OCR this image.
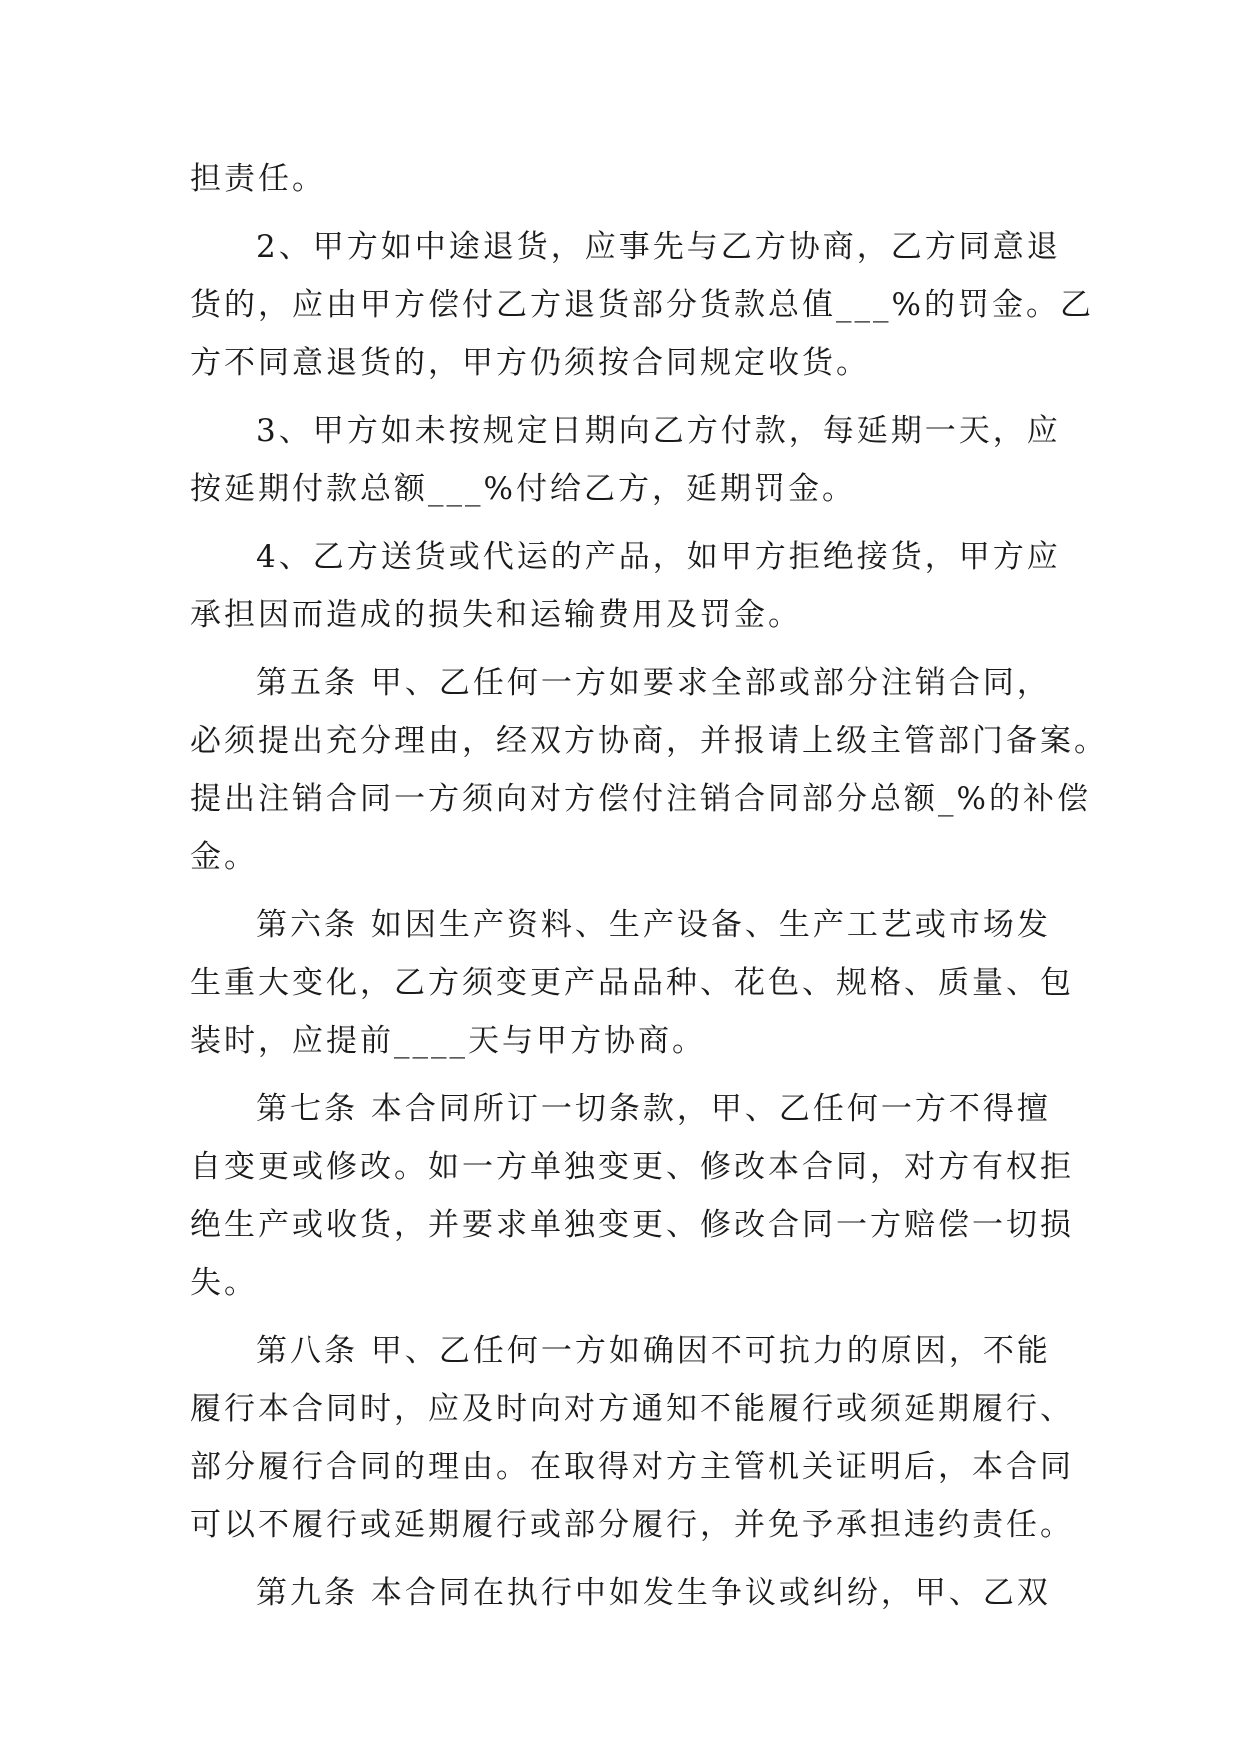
担责任。
2、甲方如中途退货，应事先与乙方协商，乙方同意退
货的，应由甲方偿付乙方退货部分货款总值___%的罚金。乙
方不同意退货的，甲方仍须按合同规定收货。
3、甲方如未按规定日期向乙方付款，每延期一天，应
按延期付款总额___%付给乙方，延期罚金。
4、乙方送货或代运的产品，如甲方拒绝接货，甲方应
承担因而造成的损失和运输费用及罚金。
第五条 甲、乙任何一方如要求全部或部分注销合同，
必须提出充分理由，经双方协商，并报请上级主管部门备案。
提出注销合同一方须向对方偿付注销合同部分总额_%的补偿
金。
第六条 如因生产资料、生产设备、生产工艺或市场发
生重大变化，乙方须变更产品品种、花色、规格、质量、包
装时，应提前____天与甲方协商。
第七条 本合同所订一切条款，甲、乙任何一方不得擅
自变更或修改。如一方单独变更、修改本合同，对方有权拒
绝生产或收货，并要求单独变更、修改合同一方赔偿一切损
失。
第八条 甲、乙任何一方如确因不可抗力的原因，不能
履行本合同时，应及时向对方通知不能履行或须延期履行、
部分履行合同的理由。在取得对方主管机关证明后，本合同
可以不履行或延期履行或部分履行，并免予承担违约责任。
第九条 本合同在执行中如发生争议或纠纷，甲、乙双
